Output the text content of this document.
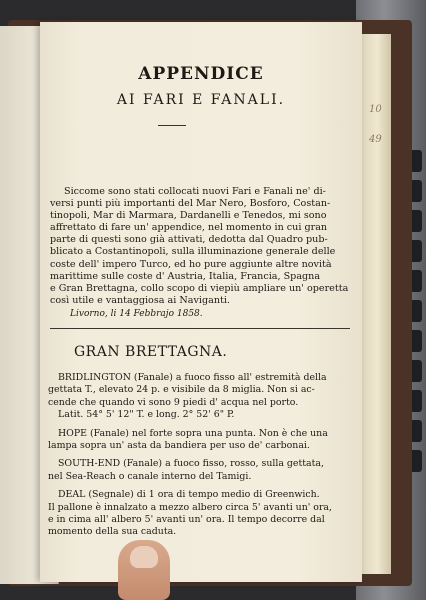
10
49
APPENDICE
AI FARI E FANALI.
Siccome sono stati collocati nuovi Fari e Fanali ne' di-
versi punti più importanti del Mar Nero, Bosforo, Costan-
tinopoli, Mar di Marmara, Dardanelli e Tenedos, mi sono
affrettato di fare un' appendice, nel momento in cui gran
parte di questi sono già attivati, dedotta dal Quadro pub-
blicato a Costantinopoli, sulla illuminazione generale delle
coste dell' impero Turco, ed ho pure aggiunte altre novità
marittime sulle coste d' Austria, Italia, Francia, Spagna
e Gran Brettagna, collo scopo di viepiù ampliare un' operetta
così utile e vantaggiosa ai Naviganti.
Livorno, li 14 Febbrajo 1858.
GRAN BRETTAGNA.
BRIDLINGTON (Fanale) a fuoco fisso all' estremità della
gettata T., elevato 24 p. e visibile da 8 miglia. Non si ac-
cende che quando vi sono 9 piedi d' acqua nel porto.
Latit. 54° 5' 12" T. e long. 2° 52' 6" P.
HOPE (Fanale) nel forte sopra una punta. Non è che una
lampa sopra un' asta da bandiera per uso de' carbonai.
SOUTH-END (Fanale) a fuoco fisso, rosso, sulla gettata,
nel Sea-Reach o canale interno del Tamigi.
DEAL (Segnale) di 1 ora di tempo medio di Greenwich.
Il pallone è innalzato a mezzo albero circa 5' avanti un' ora,
e in cima all' albero 5' avanti un' ora. Il tempo decorre dal
momento della sua caduta.
